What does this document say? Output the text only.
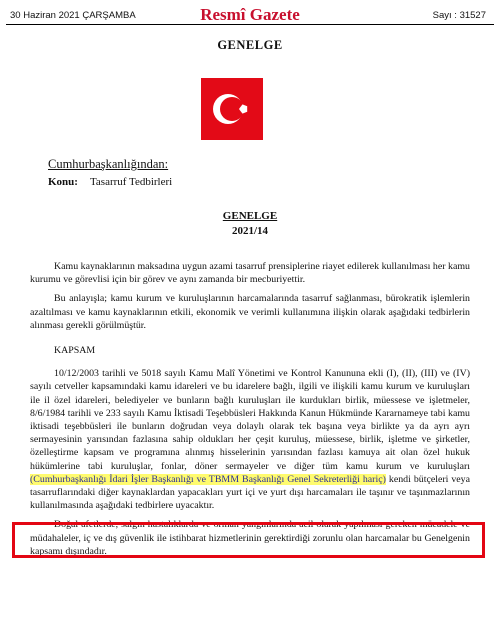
30 Haziran 2021 ÇARŞAMBA	Resmî Gazete	Sayı : 31527
GENELGE
Cumhurbaşkanlığından:
Konu: Tasarruf Tedbirleri
GENELGE
2021/14

Kamu kaynaklarının maksadına uygun azami tasarruf prensiplerine riayet edilerek kullanılması her kamu kurumu ve görevlisi için bir görev ve aynı zamanda bir mecburiyettir.

Bu anlayışla; kamu kurum ve kuruluşlarının harcamalarında tasarruf sağlanması, bürokratik işlemlerin azaltılması ve kamu kaynaklarının etkili, ekonomik ve verimli kullanımına ilişkin olarak aşağıdaki tedbirlerin alınması gerekli görülmüştür.

KAPSAM

10/12/2003 tarihli ve 5018 sayılı Kamu Malî Yönetimi ve Kontrol Kanununa ekli (I), (II), (III) ve (IV) sayılı cetveller kapsamındaki kamu idareleri ve bu idarelere bağlı, ilgili ve ilişkili kamu kurum ve kuruluşları ile il özel idareleri, belediyeler ve bunların bağlı kuruluşları ile kurdukları birlik, müessese ve işletmeler, 8/6/1984 tarihli ve 233 sayılı Kamu İktisadi Teşebbüsleri Hakkında Kanun Hükmünde Kararnameye tabi kamu iktisadi teşebbüsleri ile bunların doğrudan veya dolaylı olarak tek başına veya birlikte ya da ayrı ayrı sermayesinin yarısından fazlasına sahip oldukları her çeşit kuruluş, müessese, birlik, işletme ve şirketler, özelleştirme kapsam ve programına alınmış hisselerinin yarısından fazlası kamuya ait olan özel hukuk hükümlerine tabi kuruluşlar, fonlar, döner sermayeler ve diğer tüm kamu kurum ve kuruluşları (Cumhurbaşkanlığı İdari İşler Başkanlığı ve TBMM Başkanlığı Genel Sekreterliği hariç) kendi bütçeleri veya tasarruflarındaki diğer kaynaklardan yapacakları yurt içi ve yurt dışı harcamaları ile taşınır ve taşınmazlarının kullanılmasında aşağıdaki tedbirlere uyacaktır.

Doğal afetlerde, salgın hastalıklarda ve orman yangınlarında acil olarak yapılması gereken mücadele ve müdahaleler, iç ve dış güvenlik ile istihbarat hizmetlerinin gerektirdiği zorunlu olan harcamalar bu Genelgenin kapsamı dışındadır.
